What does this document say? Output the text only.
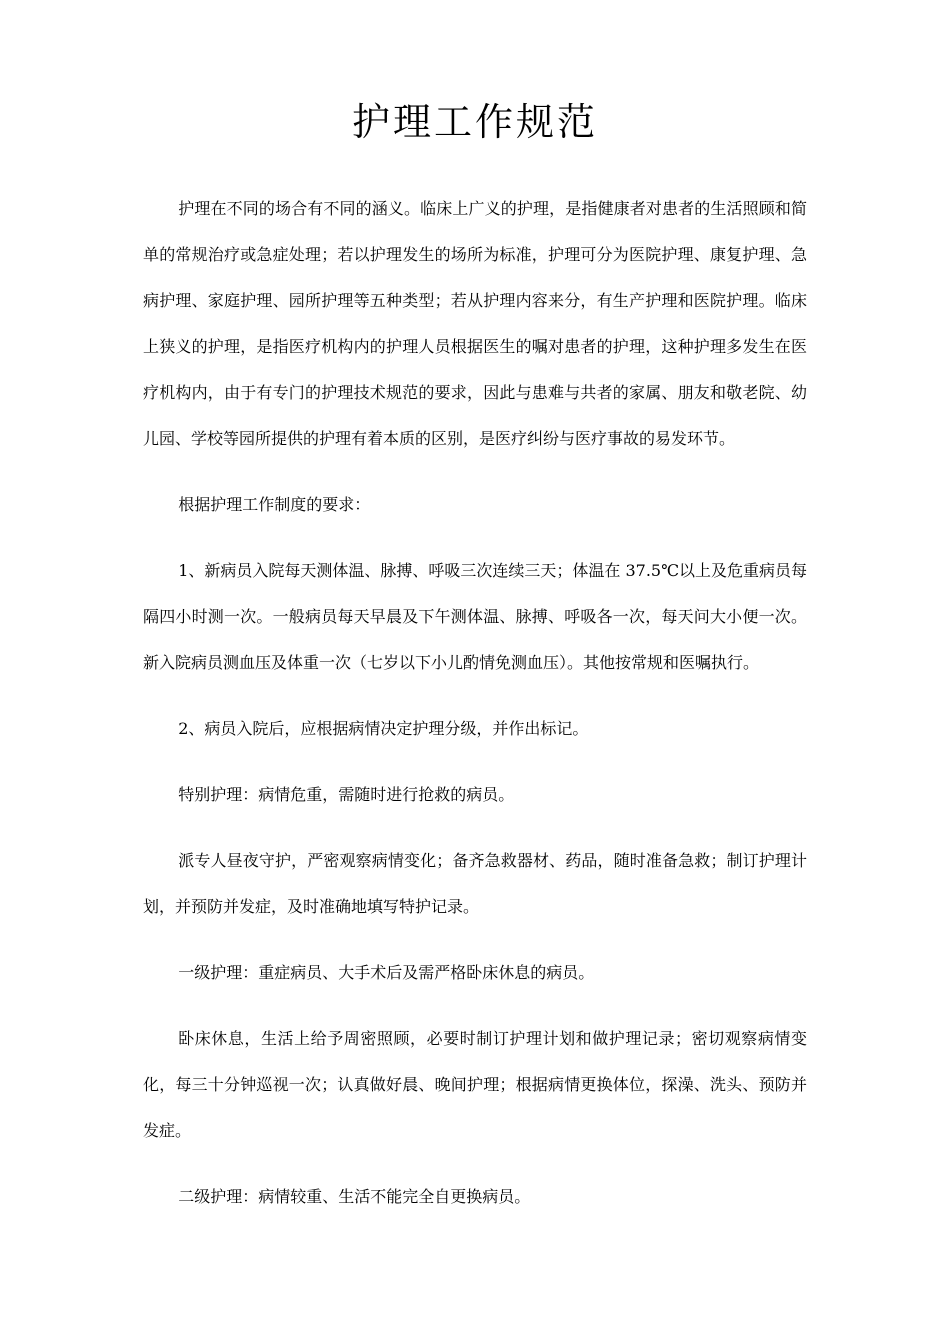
护理工作规范

护理在不同的场合有不同的涵义。临床上广义的护理，是指健康者对患者的生活照顾和简单的常规治疗或急症处理；若以护理发生的场所为标准，护理可分为医院护理、康复护理、急病护理、家庭护理、园所护理等五种类型；若从护理内容来分，有生产护理和医院护理。临床上狭义的护理，是指医疗机构内的护理人员根据医生的嘱对患者的护理，这种护理多发生在医疗机构内，由于有专门的护理技术规范的要求，因此与患难与共者的家属、朋友和敬老院、幼儿园、学校等园所提供的护理有着本质的区别，是医疗纠纷与医疗事故的易发环节。

根据护理工作制度的要求：

1、新病员入院每天测体温、脉搏、呼吸三次连续三天；体温在 37.5℃以上及危重病员每隔四小时测一次。一般病员每天早晨及下午测体温、脉搏、呼吸各一次，每天问大小便一次。新入院病员测血压及体重一次（七岁以下小儿酌情免测血压）。其他按常规和医嘱执行。

2、病员入院后，应根据病情决定护理分级，并作出标记。

特别护理：病情危重，需随时进行抢救的病员。

派专人昼夜守护，严密观察病情变化；备齐急救器材、药品，随时准备急救；制订护理计划，并预防并发症，及时准确地填写特护记录。

一级护理：重症病员、大手术后及需严格卧床休息的病员。

卧床休息，生活上给予周密照顾，必要时制订护理计划和做护理记录；密切观察病情变化，每三十分钟巡视一次；认真做好晨、晚间护理；根据病情更换体位，探澡、洗头、预防并发症。

二级护理：病情较重、生活不能完全自更换病员。
